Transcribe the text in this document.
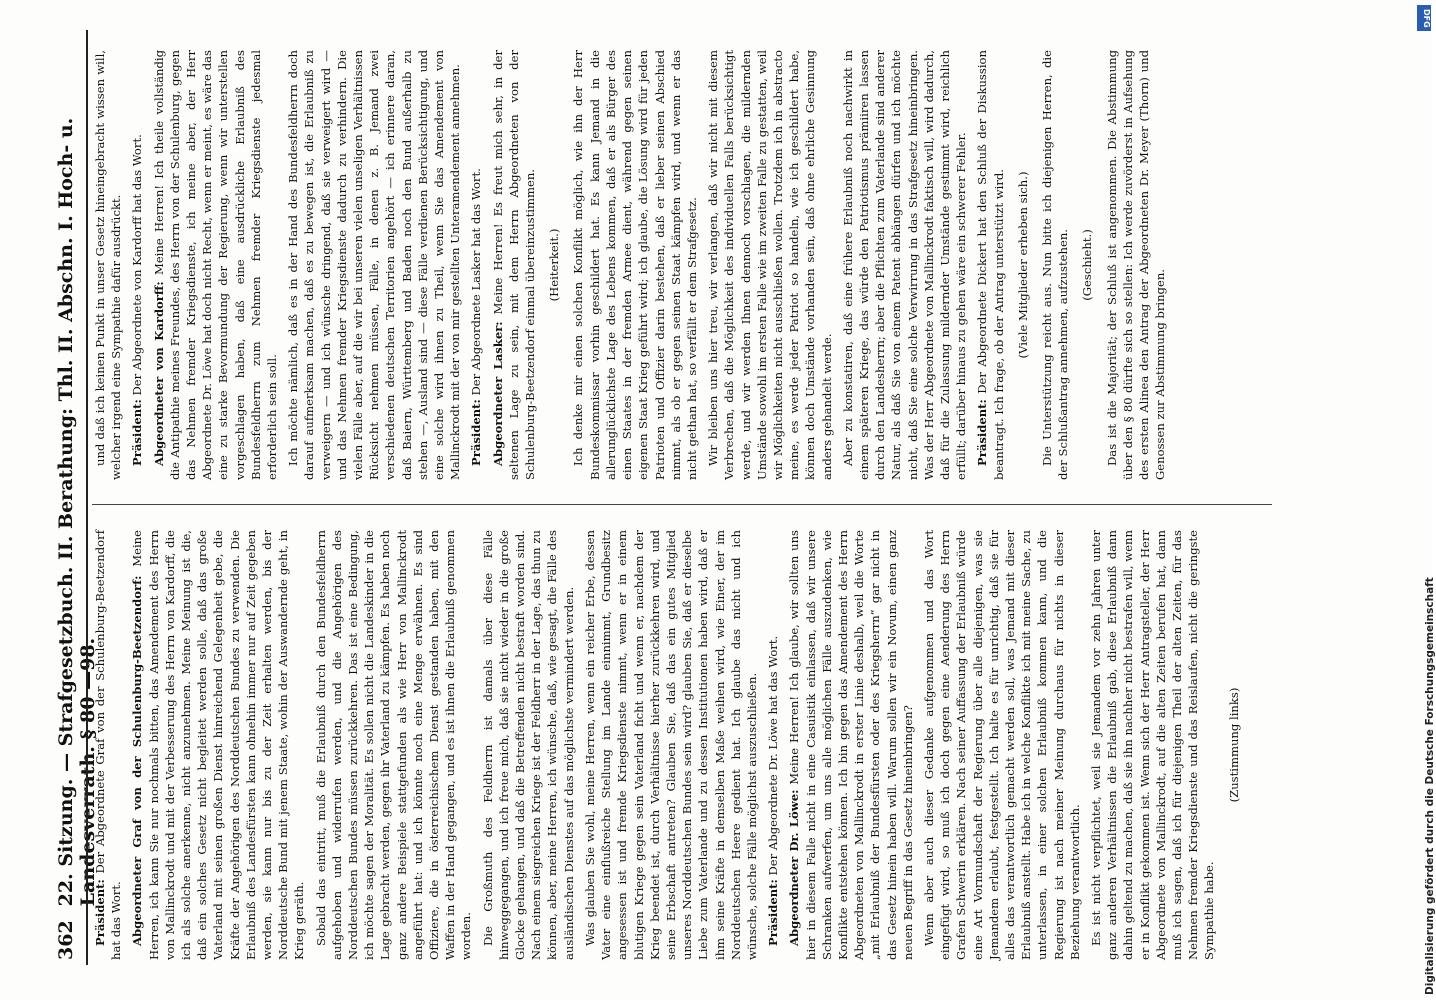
362
22. Sitzung. — Strafgesetzbuch. II. Berathung: Thl. II. Abschn. I. Hoch- u. Landesverrath. § 80 —98.

Präsident: Der Abgeordnete Graf von der Schulenburg-Beetzendorf hat das Wort. Abgeordneter Graf von der Schulenburg-Beetzendorf: Meine Herren, ich kann Sie nur nochmals bitten, das Amendement des Herrn von Mallinckrodt und mit der Verbesserung des Herrn von Kardorff, die ich als solche anerkenne, nicht anzunehmen. Meine Meinung ist die, daß ein solches Gesetz nicht begleitet werden solle, daß das große Vaterland mit seinen großen Dienst hinreichend Gelegenheit gebe, die Kräfte der Angehörigen des Norddeutschen Bundes zu verwenden. Die Erlaubniß des Landesfürsten kann ohnehin immer nur auf Zeit gegeben werden, sie kann nur bis zu der Zeit erhalten werden, bis der Norddeutsche Bund mit jenem Staate, wohin der Auswandernde geht, in Krieg geräth. Sobald das eintritt, muß die Erlaubniß durch den Bundesfeldherrn aufgehoben und widerrufen werden, und die Angehörigen des Norddeutschen Bundes müssen zurückkehren. Das ist eine Bedingung, ich möchte sagen der Moralität. Es sollen nicht die Landeskinder in die Lage gebracht werden, gegen ihr Vaterland zu kämpfen. Es haben noch ganz andere Beispiele stattgefunden als wie Herr von Mallinckrodt angeführt hat: und ich könnte noch eine Menge erwähnen. Es sind Offiziere, die in österreichischem Dienst gestanden haben, mit den Waffen in der Hand gegangen, und es ist ihnen die Erlaubniß genommen worden. Die Großmuth des Feldherrn ist damals über diese Fälle hinweggegangen, und ich freue mich, daß sie nicht wieder in die große Glocke gehangen, und daß die Betreffenden nicht bestraft worden sind. Nach einem siegreichen Kriege ist der Feldherr in der Lage, das thun zu können, aber, meine Herren, ich wünsche, daß, wie gesagt, die Fälle des ausländischen Dienstes auf das möglichste vermindert werden. Was glauben Sie wohl, meine Herren, wenn ein reicher Erbe, dessen Vater eine einflußreiche Stellung im Lande einnimmt, Grundbesitz angesessen ist und fremde Kriegsdienste nimmt, wenn er in einem blutigen Kriege gegen sein Vaterland ficht und wenn er, nachdem der Krieg beendet ist, durch Verhältnisse hierher zurückkehren wird, und seine Erbschaft antreten? Glauben Sie, daß das ein gutes Mitglied unseres Norddeutschen Bundes sein wird? glauben Sie, daß er dieselbe Liebe zum Vaterlande und zu dessen Institutionen haben wird, daß er ihm seine Kräfte in demselben Maße weihen wird, wie Einer, der im Norddeutschen Heere gedient hat. Ich glaube das nicht und ich wünsche, solche Fälle möglichst auszuschließen. Präsident: Der Abgeordnete Dr. Löwe hat das Wort. Abgeordneter Dr. Löwe: Meine Herren! Ich glaube, wir sollten uns hier in diesem Falle nicht in eine Casuistik einlassen, daß wir unsere Schranken aufwerfen, um uns alle möglichen Fälle auszudenken, wie Konflikte entstehen können. Ich bin gegen das Amendement des Herrn Abgeordneten von Mallinckrodt in erster Linie deshalb, weil die Worte „mit Erlaubniß der Bundesfürsten oder des Kriegsherrn“ gar nicht in das Gesetz hinein haben will. Warum sollen wir ein Novum, einen ganz neuen Begriff in das Gesetz hineinbringen? Wenn aber auch dieser Gedanke aufgenommen und das Wort eingefügt wird, so muß ich doch gegen eine Aenderung des Herrn Grafen Schwerin erklären. Nach seiner Auffassung der Erlaubniß würde eine Art Vormundschaft der Regierung über alle diejenigen, was sie Jemandem erlaubt, festgestellt. Ich halte es für unrichtig, daß sie für alles das verantwortlich gemacht werden soll, was Jemand mit dieser Erlaubniß anstellt. Habe ich in welche Konflikte ich mit meine Sache, zu unterlassen, in einer solchen Erlaubniß kommen kann, und die Regierung ist nach meiner Meinung durchaus für nichts in dieser Beziehung verantwortlich. Es ist nicht verpflichtet, weil sie Jemandem vor zehn Jahren unter ganz anderen Verhältnissen die Erlaubniß gab, diese Erlaubniß dann dahin geltend zu machen, daß sie ihn nachher nicht bestrafen will, wenn er in Konflikt gekommen ist. Wenn sich der Herr Antragsteller, der Herr Abgeordnete von Mallinckrodt, auf die alten Zeiten berufen hat, dann muß ich sagen, daß ich für diejenigen Theil der alten Zeiten, für das Nehmen fremder Kriegsdienste und das Reislaufen, nicht die geringste Sympathie habe.

(Zustimmung links)

und daß ich keinen Punkt in unser Gesetz hineingebracht wissen will, welcher irgend eine Sympathie dafür ausdrückt. Präsident: Der Abgeordnete von Kardorff hat das Wort. Abgeordneter von Kardorff: Meine Herren! Ich theile vollständig die Antipathie meines Freundes, des Herrn von der Schulenburg, gegen das Nehmen fremder Kriegsdienste, ich meine aber, der Herr Abgeordnete Dr. Löwe hat doch nicht Recht, wenn er meint, es wäre das eine zu starke Bevormundung der Regierung, wenn wir unterstellen vorgeschlagen haben, daß eine ausdrückliche Erlaubniß des Bundesfeldherrn zum Nehmen fremder Kriegsdienste jedesmal erforderlich sein soll. Ich möchte nämlich, daß es in der Hand des Bundesfeldherrn doch darauf aufmerksam machen, daß es zu bewegen ist, die Erlaubniß zu verweigern — und ich wünsche dringend, daß sie verweigert wird — und das Nehmen fremder Kriegsdienste dadurch zu verhindern. Die vielen Fälle aber, auf die wir bei unseren vielen unseligen Verhältnissen Rücksicht nehmen müssen, Fälle, in denen z. B. Jemand zwei verschiedenen deutschen Territorien angehört — ich erinnere daran, daß Baiern, Württemberg und Baden noch den Bund außerhalb zu stehen —, Ausland sind — diese Fälle verdienen Berücksichtigung, und eine solche wird ihnen zu Theil, wenn Sie das Amendement von Mallinckrodt mit der von mir gestellten Unteramendement annehmen. Präsident: Der Abgeordnete Lasker hat das Wort. Abgeordneter Lasker: Meine Herren! Es freut mich sehr, in der seltenen Lage zu sein, mit dem Herrn Abgeordneten von der Schulenburg-Beetzendorf einmal übereinzustimmen. (Heiterkeit.) Ich denke mir einen solchen Konflikt möglich, wie ihn der Herr Bundeskommissar vorhin geschildert hat. Es kann Jemand in die allerunglücklichste Lage des Lebens kommen, daß er als Bürger des einen Staates in der fremden Armee dient, während gegen seinen eigenen Staat Krieg geführt wird; ich glaube, die Lösung wird für jeden Patrioten und Offizier darin bestehen, daß er lieber seinen Abschied nimmt, als ob er gegen seinen Staat kämpfen wird, und wenn er das nicht gethan hat, so verfällt er dem Strafgesetz. Wir bleiben uns hier treu, wir verlangen, daß wir nicht mit diesem Verbrechen, daß die Möglichkeit des individuellen Falls berücksichtigt werde, und wir werden Ihnen dennoch vorschlagen, die mildernden Umstände sowohl im ersten Falle wie im zweiten Falle zu gestatten, weil wir Möglichkeiten nicht ausschließen wollen. Trotzdem ich in abstracto meine, es werde jeder Patriot so handeln, wie ich geschildert habe, können doch Umstände vorhanden sein, daß ohne ehrliche Gesinnung anders gehandelt werde. Aber zu konstatiren, daß eine frühere Erlaubniß noch nachwirkt in einem späteren Kriege, das würde den Patriotismus prämiiren lassen durch den Landesherrn; aber die Pflichten zum Vaterlande sind anderer Natur, als daß Sie von einem Patent abhängen dürfen und ich möchte nicht, daß Sie eine solche Verwirrung in das Strafgesetz hineinbringen. Was der Herr Abgeordnete von Mallinckrodt faktisch will, wird dadurch, daß für die Zulassung mildernder Umstände gestimmt wird, reichlich erfüllt; darüber hinaus zu gehen wäre ein schwerer Fehler. Präsident: Der Abgeordnete Dickert hat den Schluß der Diskussion beantragt. Ich frage, ob der Antrag unterstützt wird. (Viele Mitglieder erheben sich.) Die Unterstützung reicht aus. Nun bitte ich diejenigen Herren, die der Schlußantrag annehmen, aufzustehen. (Geschieht.) Das ist die Majorität; der Schluß ist angenommen. Die Abstimmung über den § 80 dürfte sich so stellen: Ich werde zuvörderst in Aufsehung des ersten Alinea den Antrag der Abgeordneten Dr. Meyer (Thorn) und Genossen zur Abstimmung bringen.

DFG
Digitalisierung gefördert durch die Deutsche Forschungsgemeinschaft
